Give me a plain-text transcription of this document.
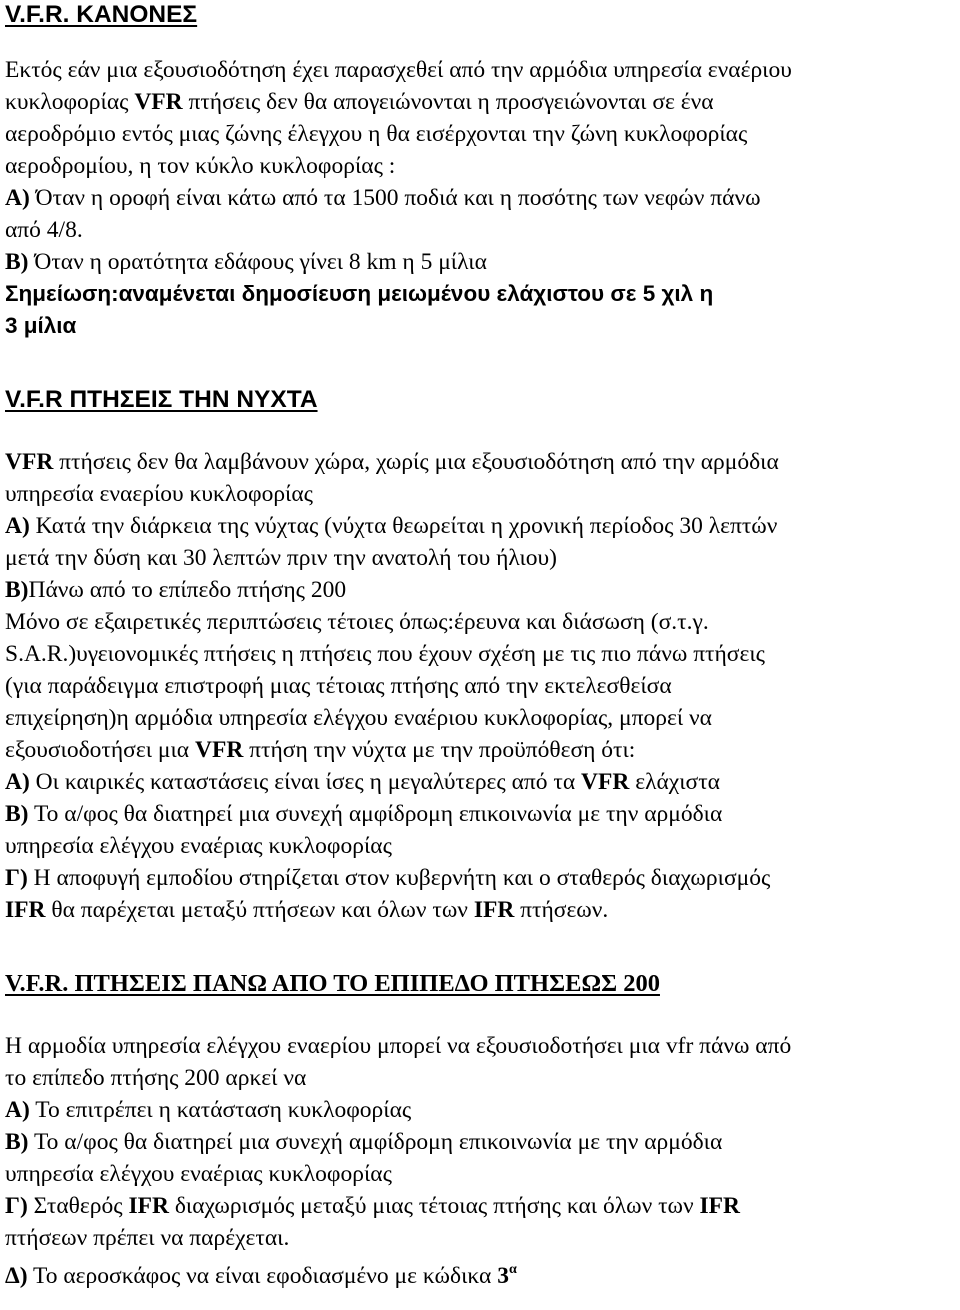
V.F.R. ΚΑΝΟΝΕΣ
Εκτός εάν μια εξουσιοδότηση έχει παρασχεθεί από την αρμόδια υπηρεσία εναέριου
κυκλοφορίας VFR πτήσεις δεν θα απογειώνονται η προσγειώνονται σε ένα
αεροδρόμιο εντός μιας ζώνης έλεγχου η θα εισέρχονται την ζώνη κυκλοφορίας
αεροδρομίου, η τον κύκλο κυκλοφορίας :
Α) Όταν η οροφή είναι κάτω από τα 1500 ποδιά και η ποσότης των νεφών πάνω
από 4/8.
Β) Όταν η ορατότητα εδάφους γίνει 8 km η 5 μίλια
Σημείωση:αναμένεται δημοσίευση μειωμένου ελάχιστου σε 5 χιλ η
3 μίλια
V.F.R ΠΤΗΣΕΙΣ ΤΗΝ ΝΥΧΤΑ
VFR πτήσεις δεν θα λαμβάνουν χώρα, χωρίς μια εξουσιοδότηση από την αρμόδια
υπηρεσία εναερίου κυκλοφορίας
Α) Κατά την διάρκεια της νύχτας (νύχτα θεωρείται η χρονική περίοδος 30 λεπτών
μετά την δύση και 30 λεπτών πριν την ανατολή του ήλιου)
Β)Πάνω από το επίπεδο πτήσης 200
Μόνο σε εξαιρετικές περιπτώσεις τέτοιες όπως:έρευνα και διάσωση (σ.τ.γ.
S.A.R.)υγειονομικές πτήσεις η πτήσεις που έχουν σχέση με τις πιο πάνω πτήσεις
(για παράδειγμα επιστροφή μιας τέτοιας πτήσης από την εκτελεσθείσα
επιχείρηση)η αρμόδια υπηρεσία ελέγχου εναέριου κυκλοφορίας, μπορεί να
εξουσιοδοτήσει μια VFR πτήση την νύχτα με την προϋπόθεση ότι:
Α) Οι καιρικές καταστάσεις είναι ίσες η μεγαλύτερες από τα VFR ελάχιστα
Β) Το α/φος θα διατηρεί μια συνεχή αμφίδρομη επικοινωνία με την αρμόδια
υπηρεσία ελέγχου εναέριας κυκλοφορίας
Γ) Η αποφυγή εμποδίου στηρίζεται στον κυβερνήτη και ο σταθερός διαχωρισμός
IFR θα παρέχεται μεταξύ πτήσεων και όλων των IFR πτήσεων.
V.F.R. ΠΤΗΣΕΙΣ ΠΑΝΩ ΑΠΟ ΤΟ ΕΠΙΠΕΔΟ ΠΤΗΣΕΩΣ 200
Η αρμοδία υπηρεσία ελέγχου εναερίου μπορεί να εξουσιοδοτήσει μια vfr πάνω από
το επίπεδο πτήσης 200 αρκεί να
Α) Το επιτρέπει η κατάσταση κυκλοφορίας
Β) Το α/φος θα διατηρεί μια συνεχή αμφίδρομη επικοινωνία με την αρμόδια
υπηρεσία ελέγχου εναέριας κυκλοφορίας
Γ) Σταθερός IFR διαχωρισμός μεταξύ μιας τέτοιας πτήσης και όλων των IFR
πτήσεων πρέπει να παρέχεται.
Δ) Το αεροσκάφος να είναι εφοδιασμένο με κώδικα $3^\alpha$
